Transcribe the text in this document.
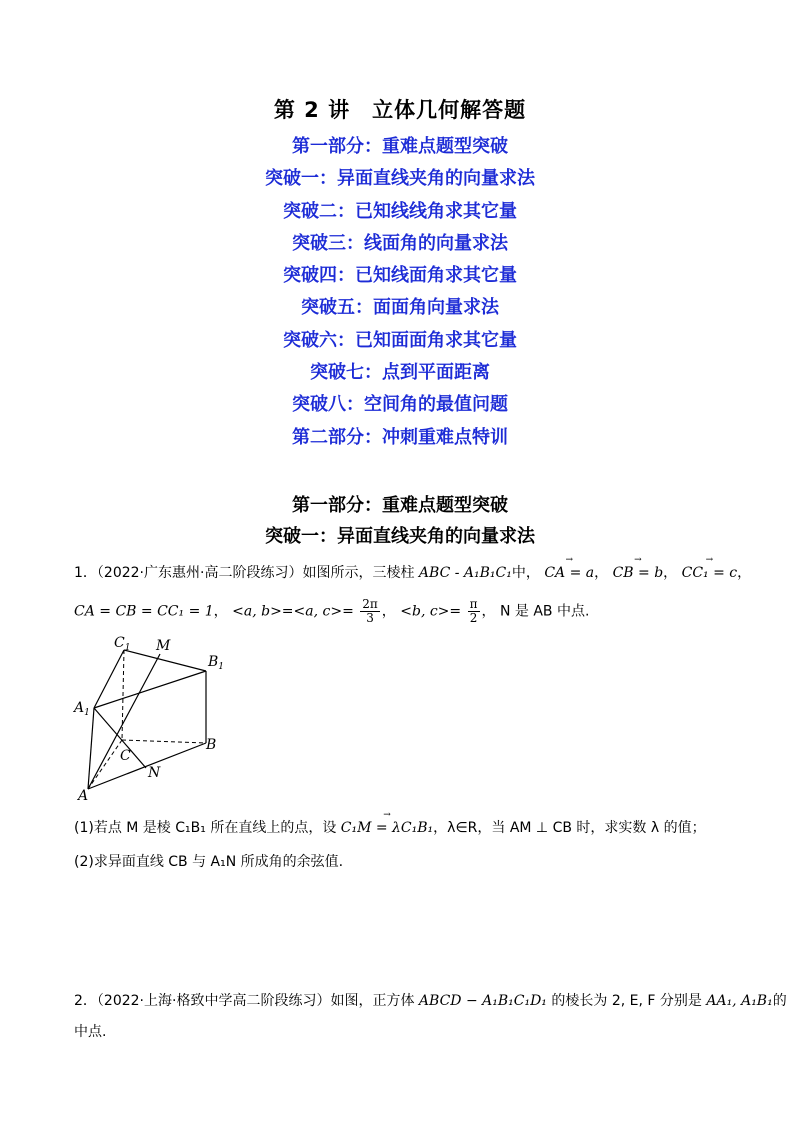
第 2 讲　立体几何解答题
第一部分：重难点题型突破
突破一：异面直线夹角的向量求法
突破二：已知线线角求其它量
突破三：线面角的向量求法
突破四：已知线面角求其它量
突破五：面面角向量求法
突破六：已知面面角求其它量
突破七：点到平面距离
突破八：空间角的最值问题
第二部分：冲刺重难点特训
第一部分：重难点题型突破
突破一：异面直线夹角的向量求法
1．（2022·广东惠州·高二阶段练习）如图所示，三棱柱 ABC - A₁B₁C₁中， → CA = a， → CB = b， → CC₁ = c，
CA = CB = CC₁ = 1， <a, b>=<a, $c>= \frac{2\pi}{3}$ ， <b, $c>= \frac{\pi}{2}$ ， N 是 AB 中点.
$C_1$ M
$B_1$
$A_1$
C
B
N
A
(1)若点 M 是棱 C₁B₁ 所在直线上的点，设 → C₁M = λC₁B₁，λ∈R，当 AM ⊥ CB 时，求实数 λ 的值；
(2)求异面直线 CB 与 A₁N 所成角的余弦值.
2．（2022·上海·格致中学高二阶段练习）如图，正方体 ABCD − A₁B₁C₁D₁ 的棱长为 2, E, F 分别是 AA₁, A₁B₁的
中点.
